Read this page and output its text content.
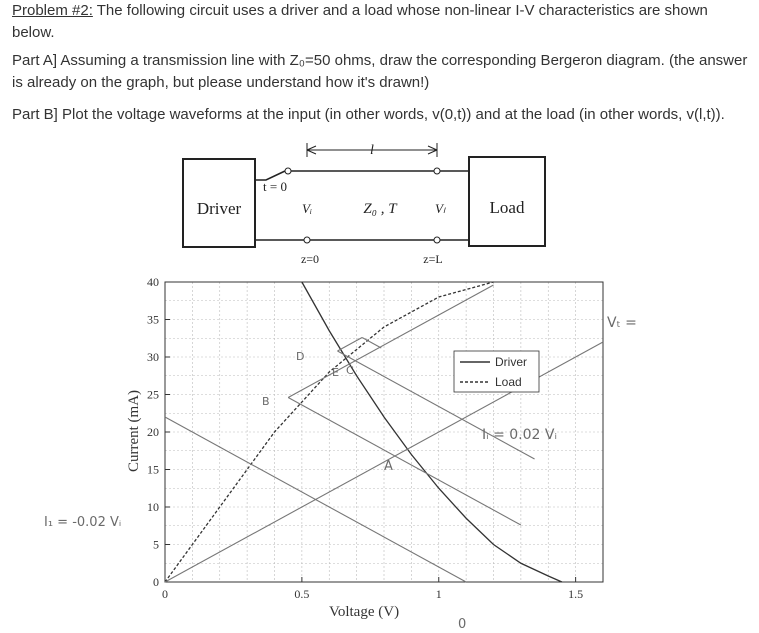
Problem #2: The following circuit uses a driver and a load whose non-linear I-V characteristics are shown below.

Part A] Assuming a transmission line with Z₀=50 ohms, draw the corresponding Bergeron diagram. (the answer is already on the graph, but please understand how it's drawn!)

Part B] Plot the voltage waveforms at the input (in other words, v(0,t)) and at the load (in other words, v(l,t)).

Driver	Load
l
t = 0
Vᵢ	Z₀ , T	Vₗ
z=0	z=L
0	0.5	1	1.5
0
5
10
15
20
25
30
35
40
Voltage (V)
Current (mA)
Driver
Load
A
B
D
E C
Iᵢ = 0.02 Vᵢ
I₁ = -0.02 Vᵢ
Vₜ =
0
